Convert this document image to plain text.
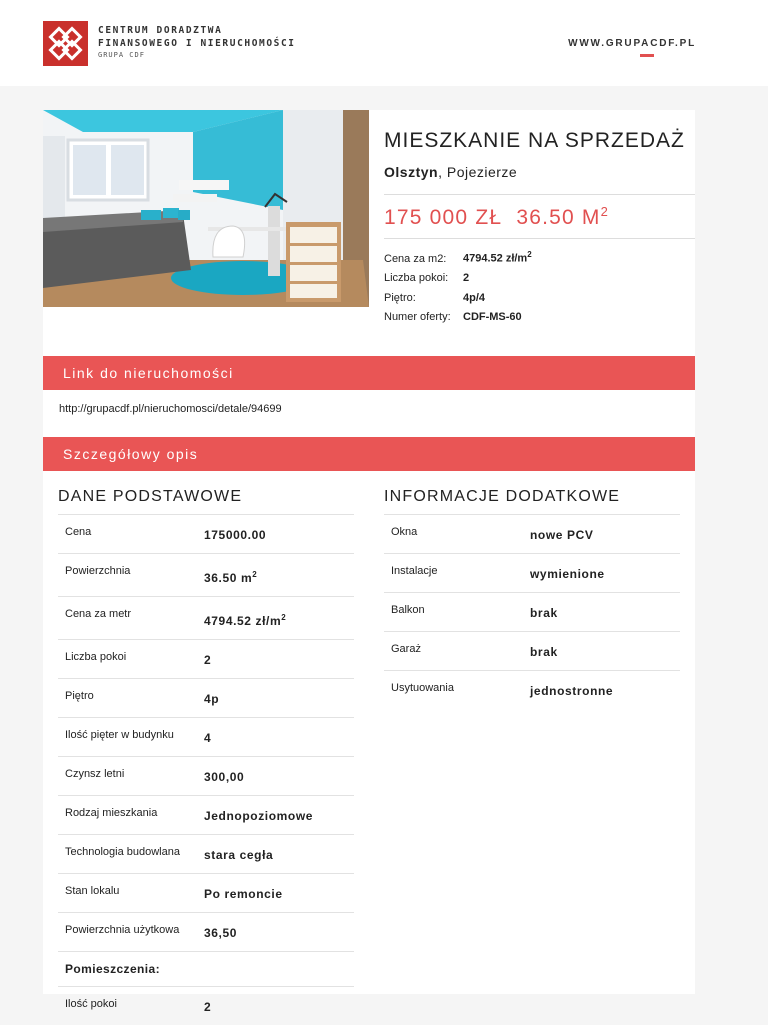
CENTRUM DORADZTWA
FINANSOWEGO I NIERUCHOMOŚCI
GRUPA CDF
WWW.GRUPACDF.PL
MIESZKANIE NA SPRZEDAŻ
Olsztyn, Pojezierze
175 000 ZŁ 36.50 $M^2$
Cena za m2: 4794.52 $zł/m^2$
Liczba pokoi: 2
Piętro:	4p/4
Numer oferty: CDF-MS-60
Link do nieruchomości
http://grupacdf.pl/nieruchomosci/detale/94699
Szczegółowy opis
DANE PODSTAWOWE	INFORMACJE DODATKOWE
Cena	175000.00
Powierzchnia	36.50 $m^2$
Cena za metr	4794.52 $zł/m^2$
Liczba pokoi	2
Piętro	4p
Ilość pięter w budynku	4
Czynsz letni	300,00
Rodzaj mieszkania	Jednopoziomowe
Technologia budowlana	stara cegła
Stan lokalu	Po remoncie
Powierzchnia użytkowa	36,50
Pomieszczenia:
Ilość pokoi	2
Okna	nowe PCV
Instalacje	wymienione
Balkon	brak
Garaż	brak
Usytuowania	jednostronne
